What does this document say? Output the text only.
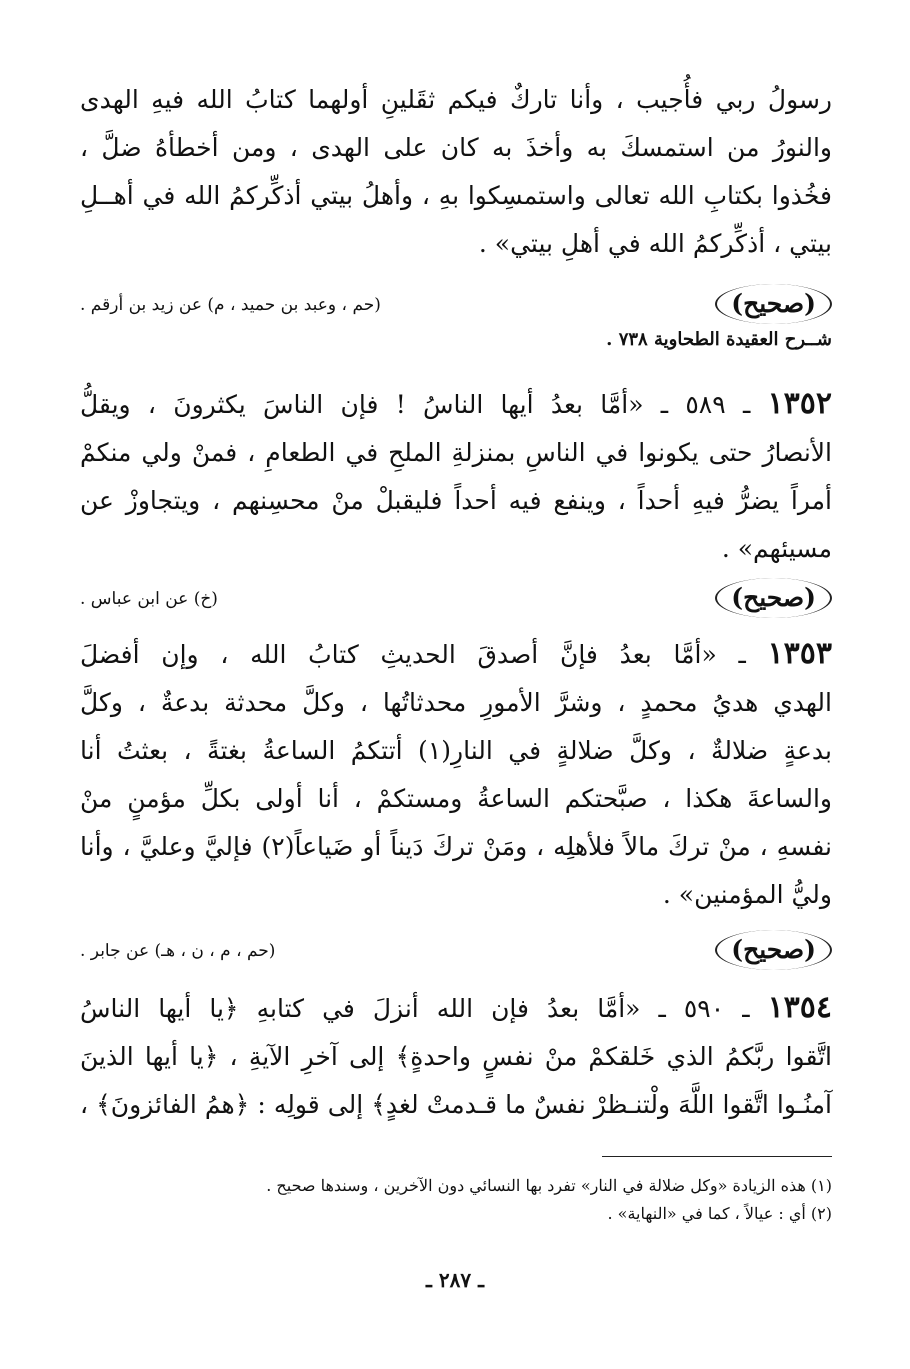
رسولُ ربي فأُجيب ، وأنا تاركٌ فيكم ثقَلينِ أولهما كتابُ الله فيهِ الهدى
والنورُ من استمسكَ به وأخذَ به كان على الهدى ، ومن أخطأهُ ضلَّ ،
فخُذوا بكتابِ الله تعالى واستمسِكوا بهِ ، وأهلُ بيتي أذكِّركمُ الله في أهــلِ
بيتي ، أذكِّركمُ الله في أهلِ بيتي» .
(صحيح)
(حم ، وعبد بن حميد ، م) عن زيد بن أرقم .
شــرح العقيدة الطحاوية ٧٣٨ .
١٣٥٢ ـ ٥٨٩ ـ «أمَّا بعدُ أيها الناسُ ! فإن الناسَ يكثرونَ ، ويقلُّ
الأنصارُ حتى يكونوا في الناسِ بمنزلةِ الملحِ في الطعامِ ، فمنْ ولي منكمْ
أمراً يضرُّ فيهِ أحداً ، وينفع فيه أحداً فليقبلْ منْ محسِنهم ، ويتجاوزْ عن
مسيئهم» .
(صحيح)
(خ) عن ابن عباس .
١٣٥٣ ـ «أمَّا بعدُ فإنَّ أصدقَ الحديثِ كتابُ الله ، وإن أفضلَ
الهدي هديُ محمدٍ ، وشرَّ الأمورِ محدثاتُها ، وكلَّ محدثة بدعةٌ ، وكلَّ
بدعةٍ ضلالةٌ ، وكلَّ ضلالةٍ في النارِ(١) أتتكمُ الساعةُ بغتةً ، بعثتُ أنا
والساعةَ هكذا ، صبَّحتكم الساعةُ ومستكمْ ، أنا أولى بكلِّ مؤمنٍ منْ
نفسهِ ، منْ تركَ مالاً فلأهلِه ، ومَنْ تركَ دَيناً أو ضَياعاً(٢) فإليَّ وعليَّ ، وأنا
وليُّ المؤمنين» .
(صحيح)
(حم ، م ، ن ، هـ) عن جابر .
١٣٥٤ ـ ٥٩٠ ـ «أمَّا بعدُ فإن الله أنزلَ في كتابهِ ﴿يا أيها الناسُ
اتَّقوا ربَّكمُ الذي خَلقكمْ منْ نفسٍ واحدةٍ﴾ إلى آخرِ الآيةِ ، ﴿يا أيها الذينَ
آمنُـوا اتَّقوا اللَّهَ ولْتنـظرْ نفسٌ ما قـدمتْ لغدٍ﴾ إلى قولِه : ﴿همُ الفائزونَ﴾ ،
(١) هذه الزيادة «وكل ضلالة في النار» تفرد بها النسائي دون الآخرين ، وسندها صحيح .
(٢) أي : عيالاً ، كما في «النهاية» .
ـ ٢٨٧ ـ
